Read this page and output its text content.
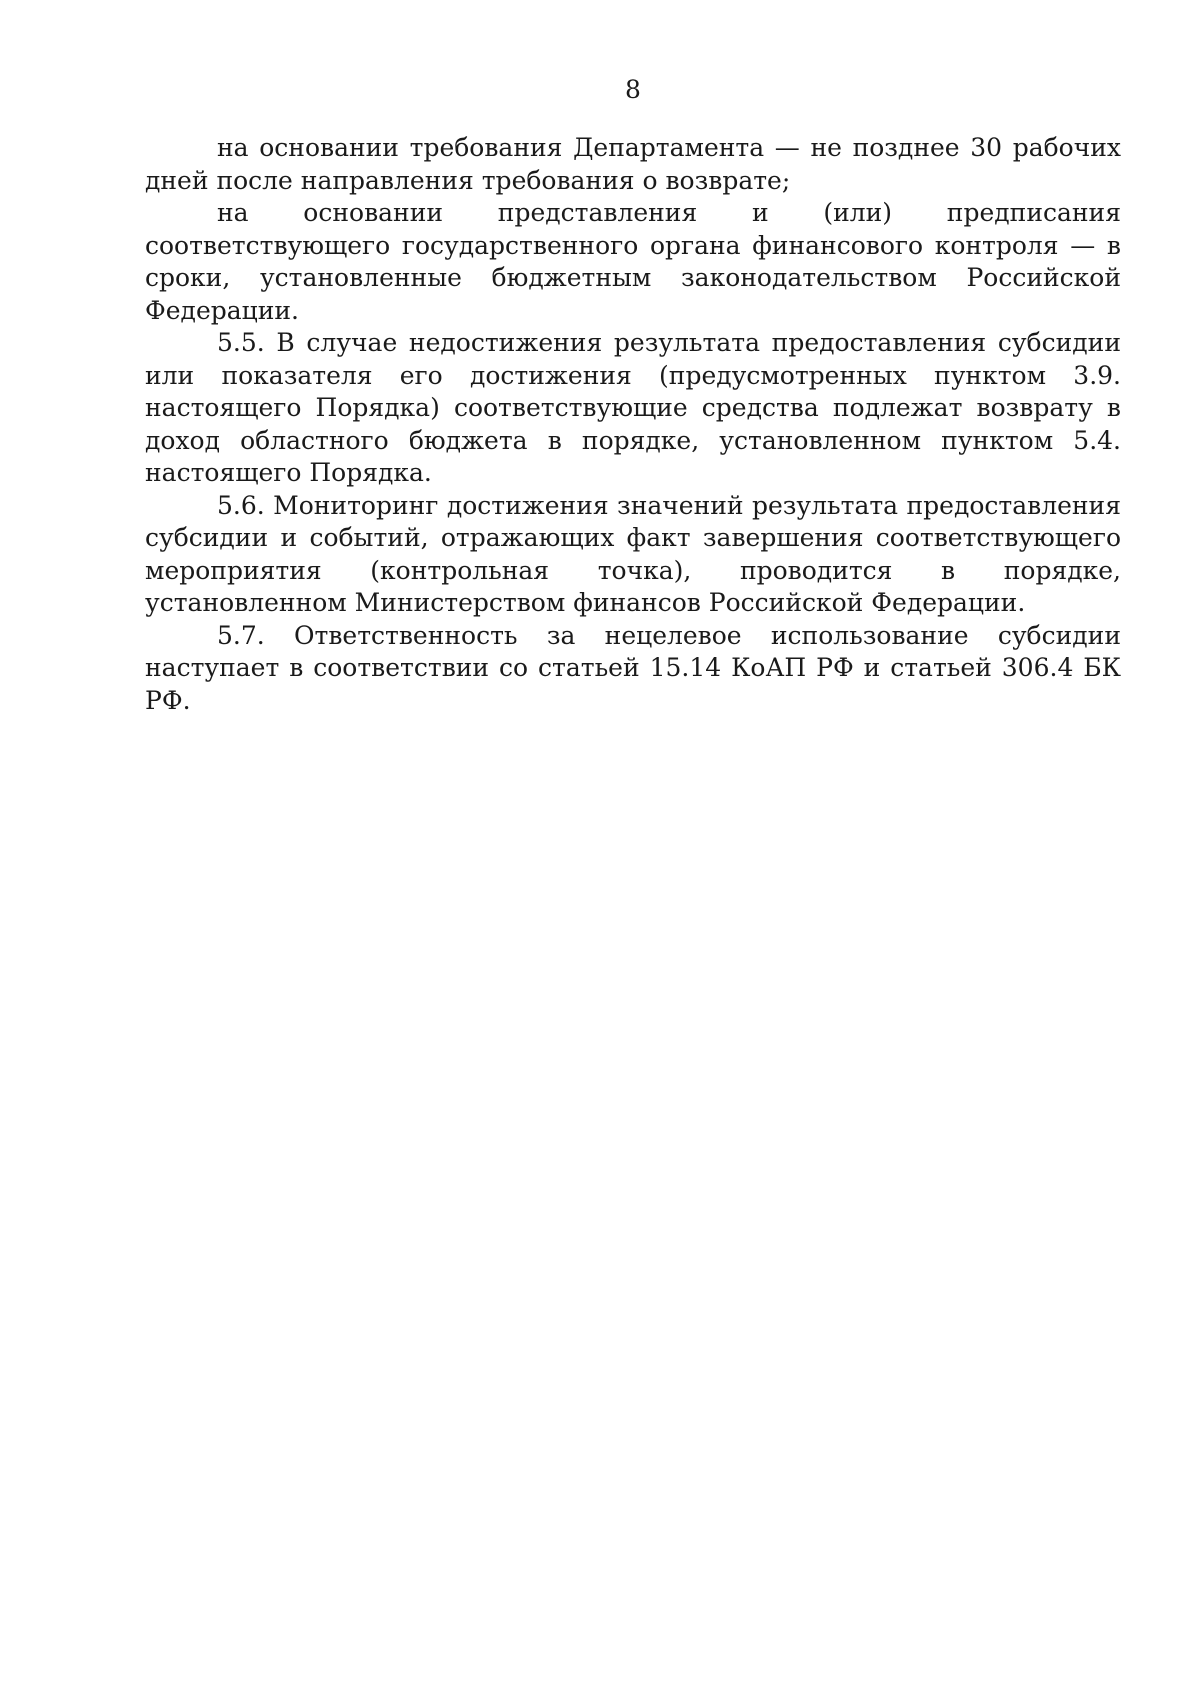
8

на основании требования Департамента — не позднее 30 рабочих дней после направления требования о возврате;

на основании представления и (или) предписания соответствующего государственного органа финансового контроля — в сроки, установленные бюджетным законодательством Российской Федерации.

5.5. В случае недостижения результата предоставления субсидии или показателя его достижения (предусмотренных пунктом 3.9. настоящего Порядка) соответствующие средства подлежат возврату в доход областного бюджета в порядке, установленном пунктом 5.4. настоящего Порядка.

5.6. Мониторинг достижения значений результата предоставления субсидии и событий, отражающих факт завершения соответствующего мероприятия (контрольная точка), проводится в порядке, установленном Министерством финансов Российской Федерации.

5.7. Ответственность за нецелевое использование субсидии наступает в соответствии со статьей 15.14 КоАП РФ и статьей 306.4 БК РФ.
